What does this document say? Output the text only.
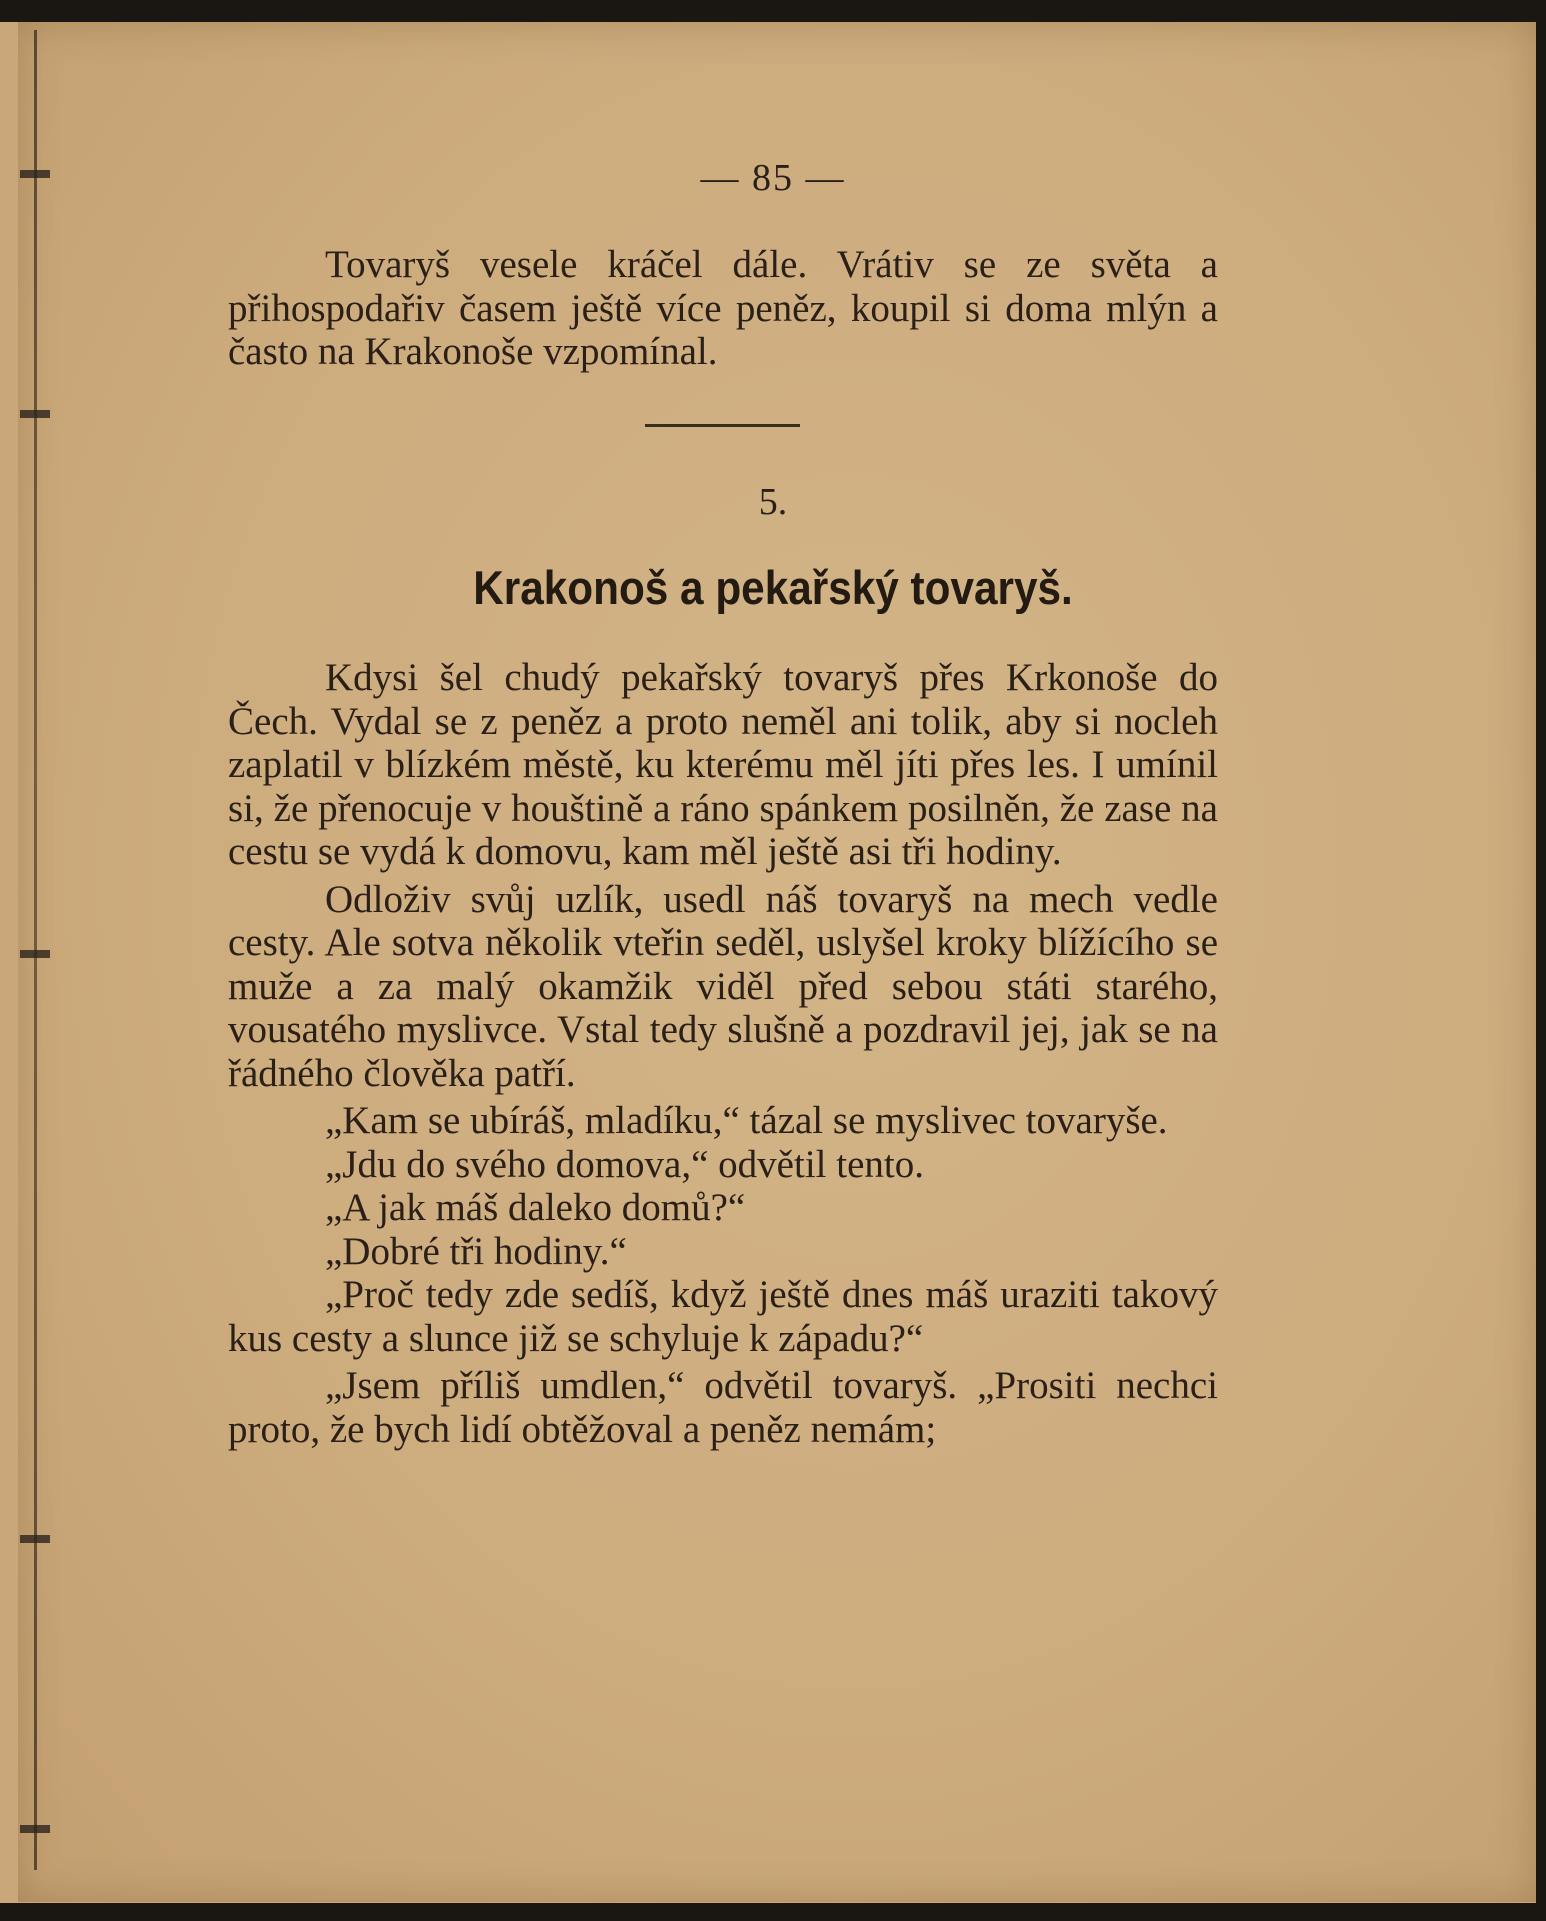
— 85 —

Tovaryš vesele kráčel dále. Vrátiv se ze světa a přihospodařiv časem ještě více peněz, koupil si doma mlýn a často na Krakonoše vzpomínal.

5.
Krakonoš a pekařský tovaryš.

Kdysi šel chudý pekařský tovaryš přes Krkonoše do Čech. Vydal se z peněz a proto neměl ani tolik, aby si nocleh zaplatil v blízkém městě, ku kterému měl jíti přes les. I umínil si, že přenocuje v houštině a ráno spánkem posilněn, že zase na cestu se vydá k domovu, kam měl ještě asi tři hodiny.

Odloživ svůj uzlík, usedl náš tovaryš na mech vedle cesty. Ale sotva několik vteřin seděl, uslyšel kroky blížícího se muže a za malý okamžik viděl před sebou státi starého, vousatého myslivce. Vstal tedy slušně a pozdravil jej, jak se na řádného člověka patří.

„Kam se ubíráš, mladíku,“ tázal se myslivec tovaryše.

„Jdu do svého domova,“ odvětil tento.

„A jak máš daleko domů?“

„Dobré tři hodiny.“

„Proč tedy zde sedíš, když ještě dnes máš uraziti takový kus cesty a slunce již se schyluje k západu?“

„Jsem příliš umdlen,“ odvětil tovaryš. „Prositi nechci proto, že bych lidí obtěžoval a peněz nemám;
